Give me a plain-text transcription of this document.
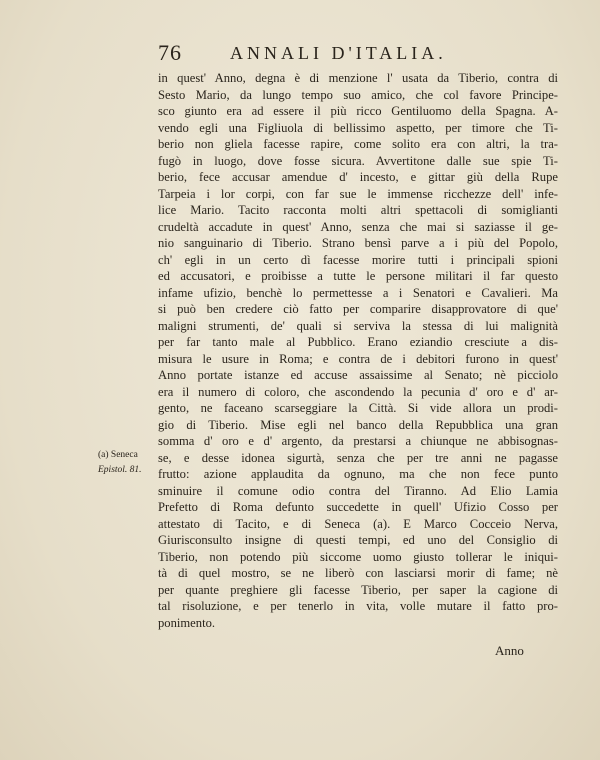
76	ANNALI D'ITALIA.
in quest' Anno, degna è di menzione l' usata da Tiberio, contra di
Sesto Mario, da lungo tempo suo amico, che col favore Principe-
sco giunto era ad essere il più ricco Gentiluomo della Spagna. A-
vendo egli una Figliuola di bellissimo aspetto, per timore che Ti-
berio non gliela facesse rapire, come solito era con altri, la tra-
fugò in luogo, dove fosse sicura. Avvertitone dalle sue spie Ti-
berio, fece accusar amendue d' incesto, e gittar giù della Rupe
Tarpeia i lor corpi, con far sue le immense ricchezze dell' infe-
lice Mario. Tacito racconta molti altri spettacoli di somiglianti
crudeltà accadute in quest' Anno, senza che mai si saziasse il ge-
nio sanguinario di Tiberio. Strano bensì parve a i più del Popolo,
ch' egli in un certo dì facesse morire tutti i principali spioni
ed accusatori, e proibisse a tutte le persone militari il far questo
infame ufizio, benchè lo permettesse a i Senatori e Cavalieri. Ma
si può ben credere ciò fatto per comparire disapprovatore di que'
maligni strumenti, de' quali si serviva la stessa di lui malignità
per far tanto male al Pubblico. Erano eziandio cresciute a dis-
misura le usure in Roma; e contra de i debitori furono in quest'
Anno portate istanze ed accuse assaissime al Senato; nè picciolo
era il numero di coloro, che ascondendo la pecunia d' oro e d' ar-
gento, ne faceano scarseggiare la Città. Si vide allora un prodi-
gio di Tiberio. Mise egli nel banco della Repubblica una gran
somma d' oro e d' argento, da prestarsi a chiunque ne abbisognas-
se, e desse idonea sigurtà, senza che per tre anni ne pagasse
frutto: azione applaudita da ognuno, ma che non fece punto
sminuire il comune odio contra del Tiranno. Ad Elio Lamia
Prefetto di Roma defunto succedette in quell' Ufizio Cosso per
attestato di Tacito, e di Seneca (a). E Marco Cocceio Nerva,
Giurisconsulto insigne di questi tempi, ed uno del Consiglio di
Tiberio, non potendo più siccome uomo giusto tollerar le iniqui-
tà di quel mostro, se ne liberò con lasciarsi morir di fame; nè
per quante preghiere gli facesse Tiberio, per saper la cagione di
tal risoluzione, e per tenerlo in vita, volle mutare il fatto pro-
ponimento.
(a) Seneca
Epistol. 81.
Anno
